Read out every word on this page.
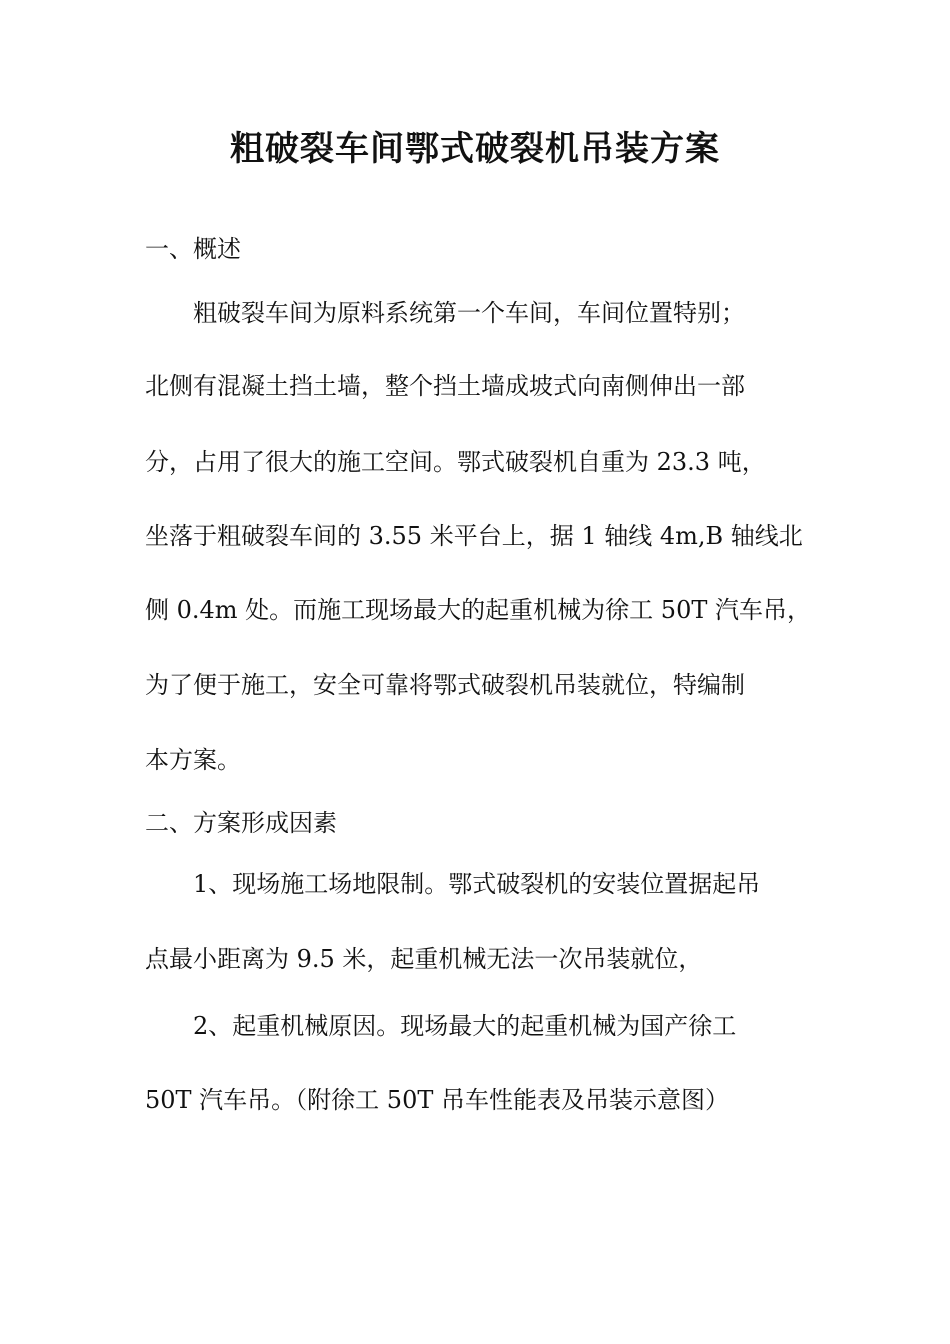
粗破裂车间鄂式破裂机吊装方案
一、概述
粗破裂车间为原料系统第一个车间，车间位置特别；
北侧有混凝土挡土墙，整个挡土墙成坡式向南侧伸出一部
分，占用了很大的施工空间。鄂式破裂机自重为 23.3 吨，
坐落于粗破裂车间的 3.55 米平台上，据 1 轴线 4m,B 轴线北
侧 0.4m 处。而施工现场最大的起重机械为徐工 50T 汽车吊，
为了便于施工，安全可靠将鄂式破裂机吊装就位，特编制
本方案。
二、方案形成因素
1、现场施工场地限制。鄂式破裂机的安装位置据起吊
点最小距离为 9.5 米，起重机械无法一次吊装就位，
2、起重机械原因。现场最大的起重机械为国产徐工
50T 汽车吊。（附徐工 50T 吊车性能表及吊装示意图）
